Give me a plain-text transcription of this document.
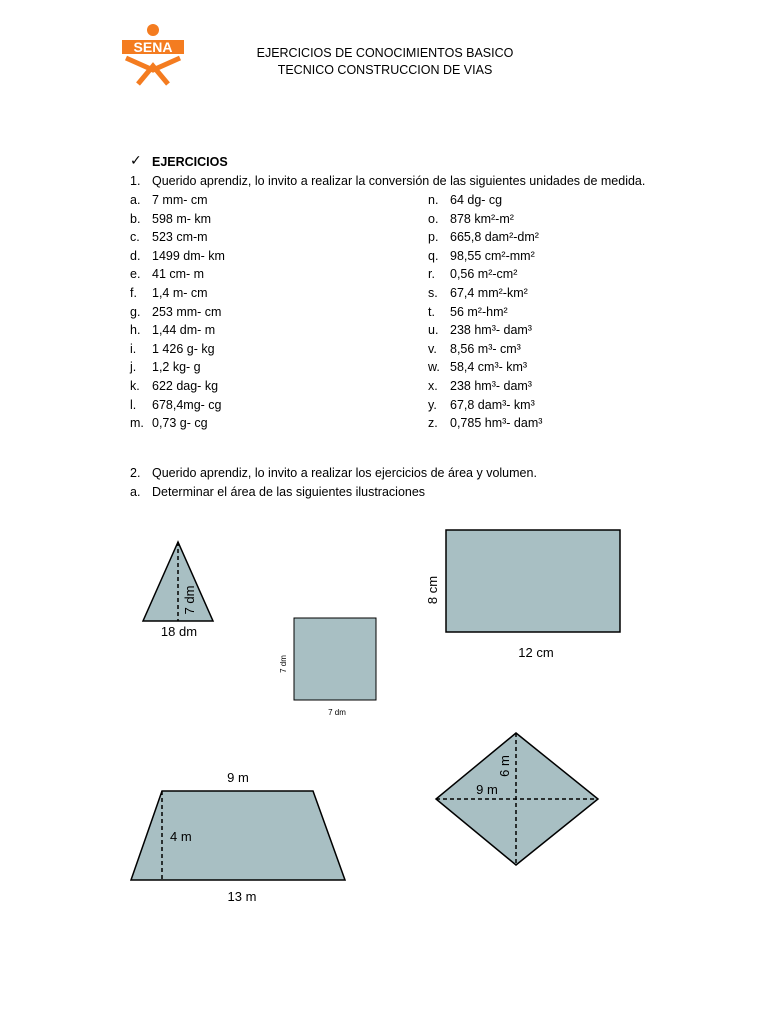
SENA	EJERCICIOS DE CONOCIMIENTOS BASICO
TECNICO CONSTRUCCION DE VIAS
✓ EJERCICIOS
1. Querido aprendiz, lo invito a realizar la conversión de las siguientes unidades de medida.
a. 7 mm- cm
b. 598 m- km
c. 523 cm-m
d. 1499 dm- km
e. 41 cm- m
f. 1,4 m- cm
g. 253 mm- cm
h. 1,44 dm- m
i. 1 426 g- kg
j. 1,2 kg- g
k. 622 dag- kg
l. 678,4mg- cg
m. 0,73 g- cg
n. 64 dg- cg
o. 878 km²-m²
p. 665,8 dam²-dm²
q. 98,55 cm²-mm²
r. 0,56 m²-cm²
s. 67,4 mm²-km²
t. 56 m²-hm²
u. 238 hm³- dam³
v. 8,56 m³- cm³
w. 58,4 cm³- km³
x. 238 hm³- dam³
y. 67,8 dam³- km³
z. 0,785 hm³- dam³
2. Querido aprendiz, lo invito a realizar los ejercicios de área y volumen.
a. Determinar el área de las siguientes ilustraciones
7 dm
18 dm
7 dm
7 dm
8 cm
12 cm
9 m
4 m
13 m
9 m
6 m
